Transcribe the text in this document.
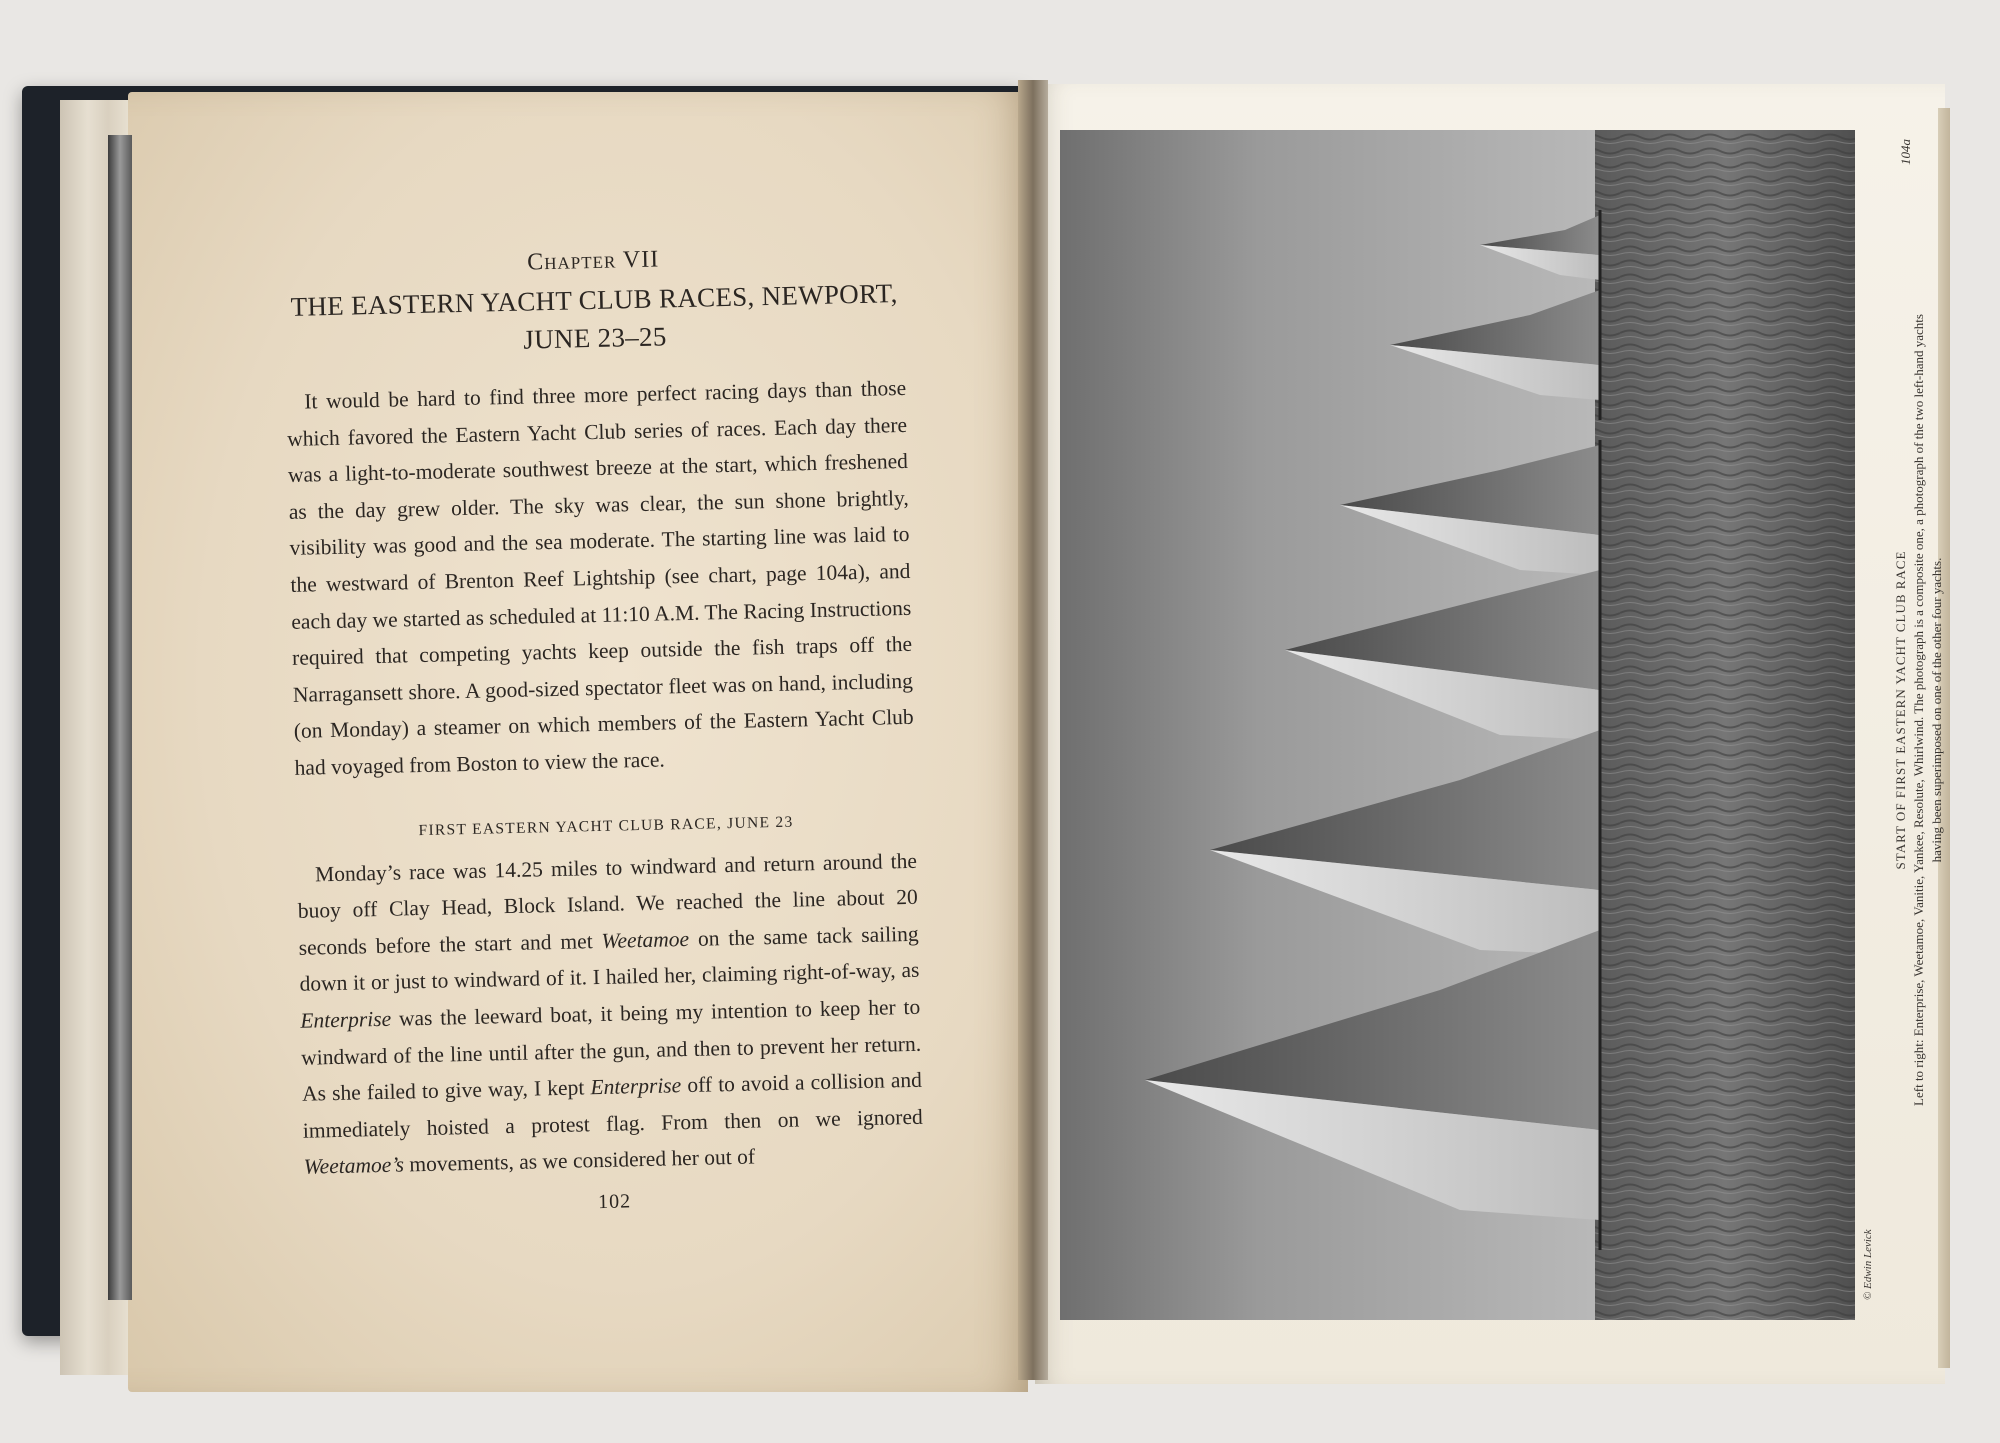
Chapter VII
THE EASTERN YACHT CLUB RACES, NEWPORT,
JUNE 23–25

It would be hard to find three more perfect racing days than those which favored the Eastern Yacht Club series of races. Each day there was a light-to-moderate southwest breeze at the start, which freshened as the day grew older. The sky was clear, the sun shone brightly, visibility was good and the sea moderate. The starting line was laid to the westward of Brenton Reef Lightship (see chart, page 104a), and each day we started as scheduled at 11:10 A.M. The Racing Instructions required that competing yachts keep outside the fish traps off the Narragansett shore. A good-sized spectator fleet was on hand, including (on Monday) a steamer on which members of the Eastern Yacht Club had voyaged from Boston to view the race.

FIRST EASTERN YACHT CLUB RACE, JUNE 23

Monday’s race was 14.25 miles to windward and return around the buoy off Clay Head, Block Island. We reached the line about 20 seconds before the start and met Weetamoe on the same tack sailing down it or just to windward of it. I hailed her, claiming right-of-way, as Enterprise was the leeward boat, it being my intention to keep her to windward of the line until after the gun, and then to prevent her return. As she failed to give way, I kept Enterprise off to avoid a collision and immediately hoisted a protest flag. From then on we ignored Weetamoe’s movements, as we considered her out of

102
104a
START OF FIRST EASTERN YACHT CLUB RACE Left to right: Enterprise, Weetamoe, Vanitie, Yankee, Resolute, Whirlwind. The photograph is a composite one, a photograph of the two left-hand yachts having been superimposed on one of the other four yachts.
© Edwin Levick
